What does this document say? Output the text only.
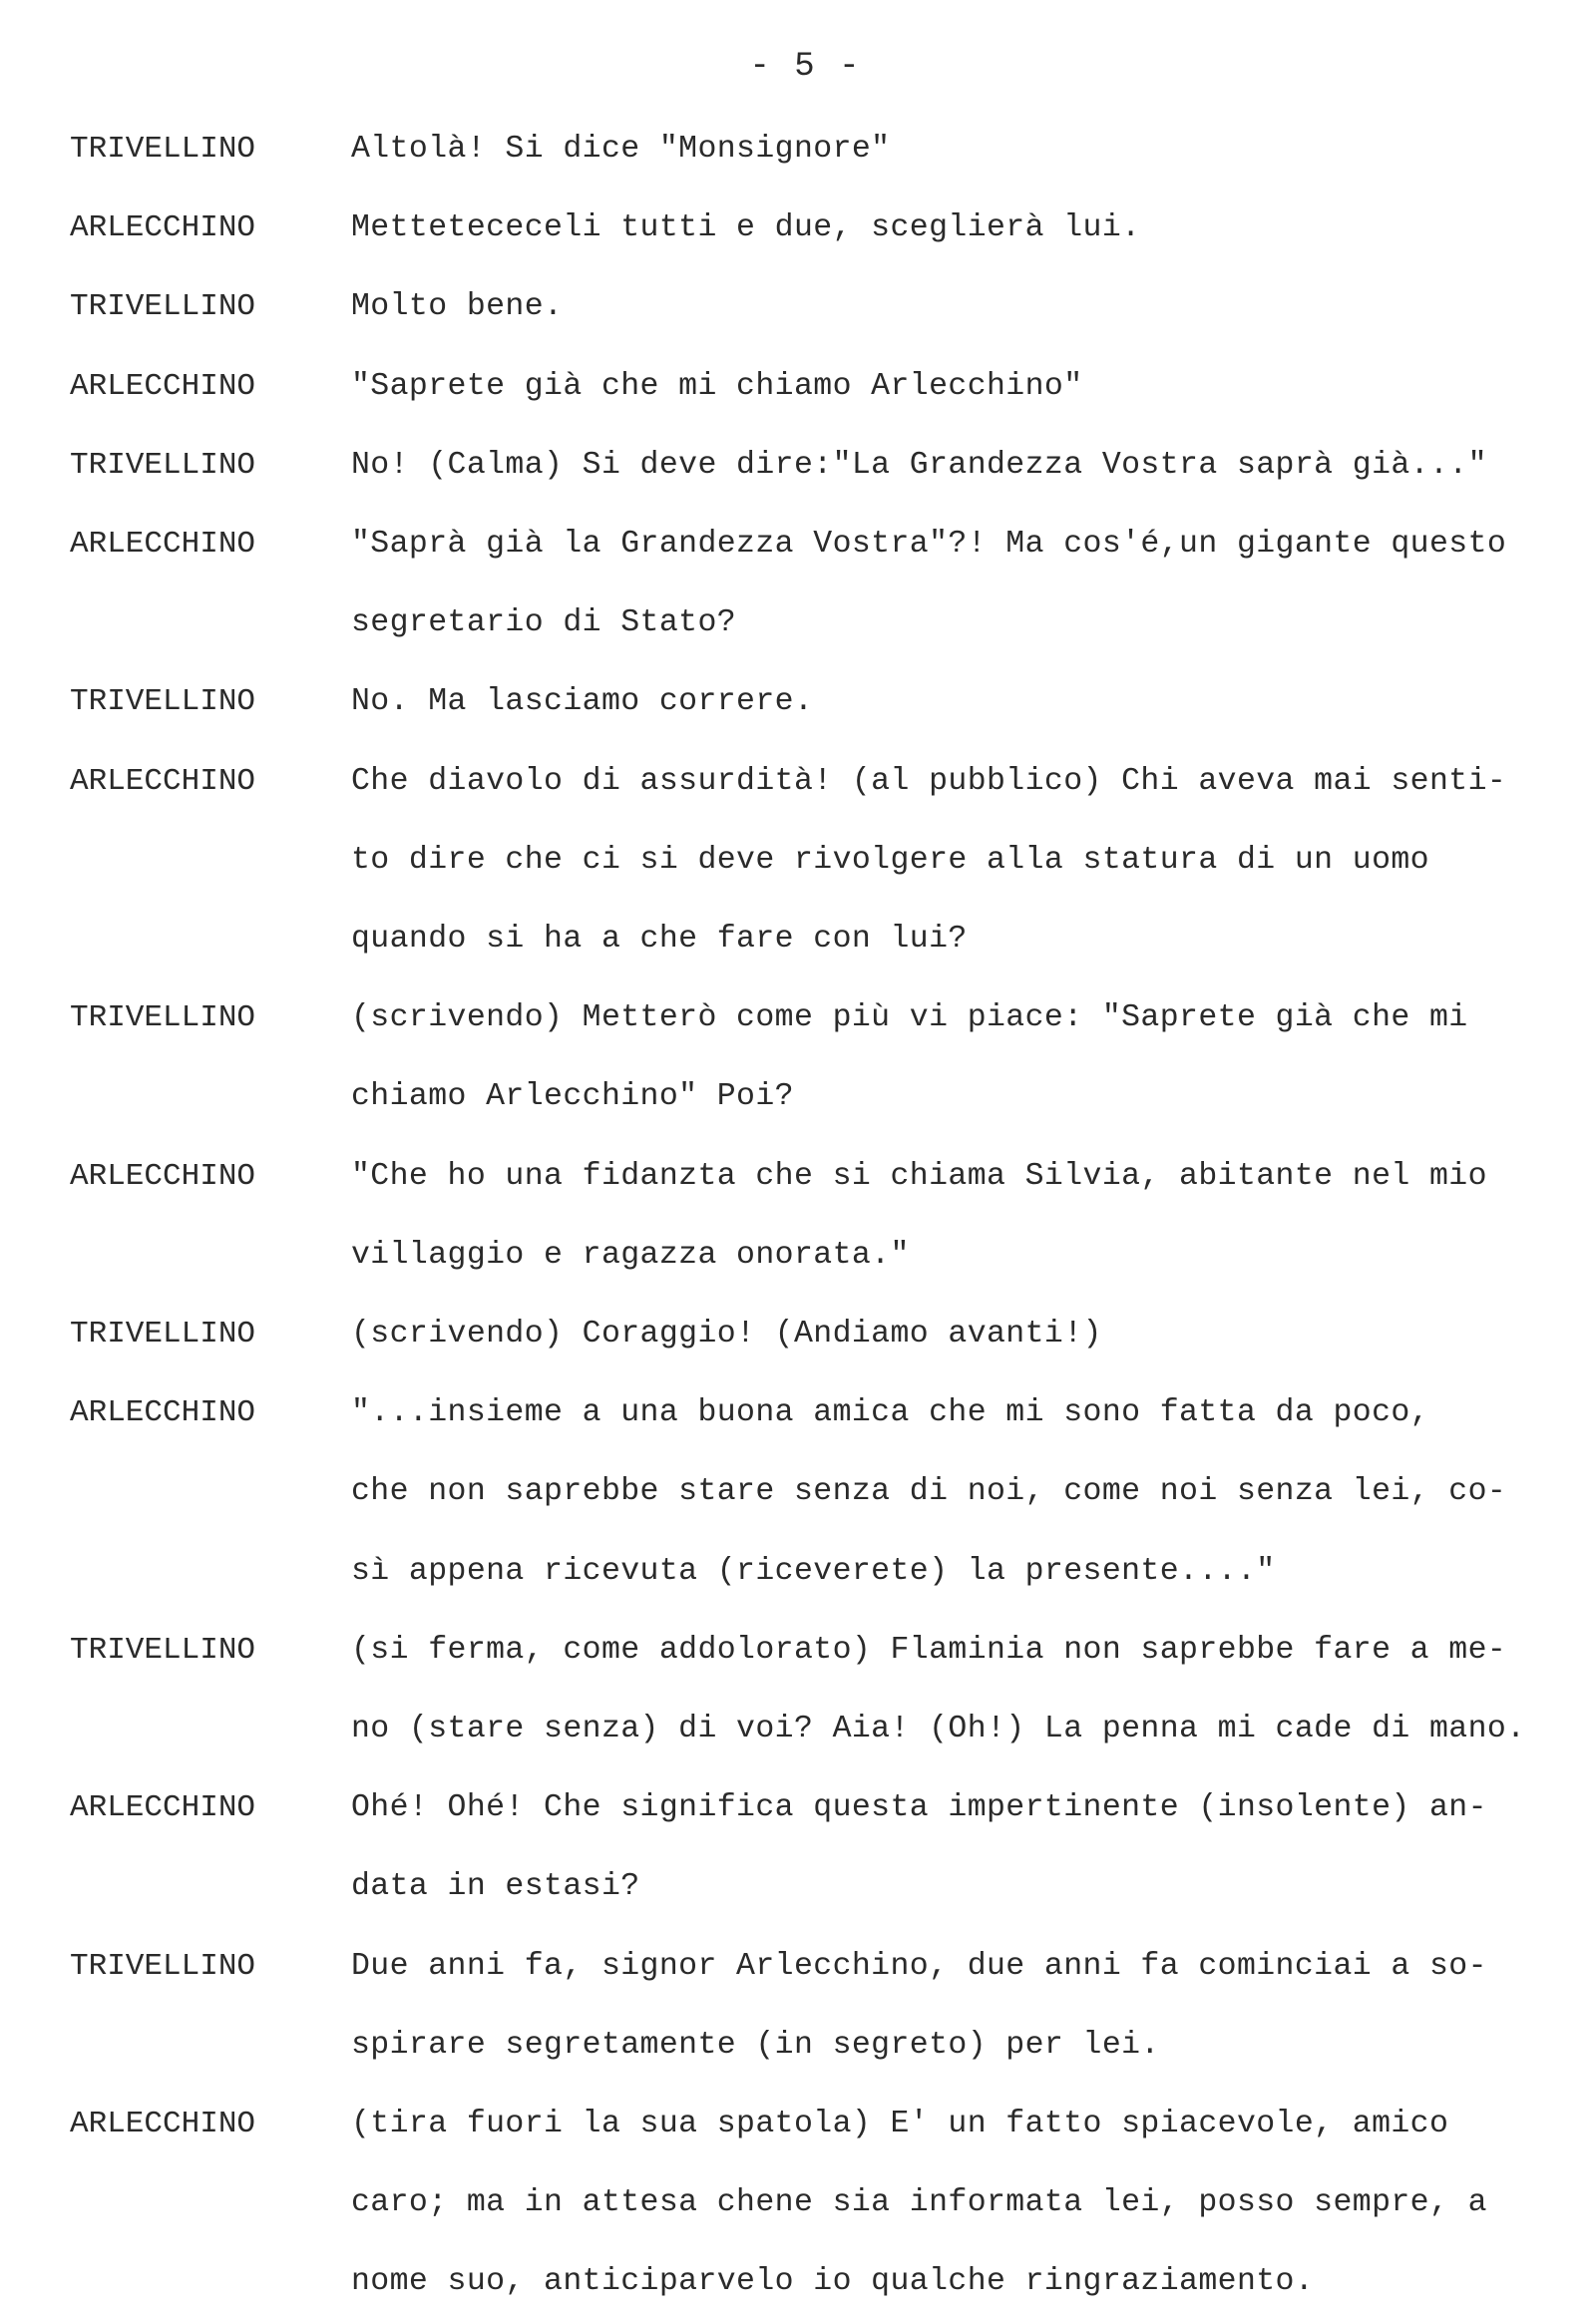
- 5 -
TRIVELLINO	Altolà! Si dice "Monsignore"
ARLECCHINO	Mettetececeli tutti e due, sceglierà lui.
TRIVELLINO	Molto bene.
ARLECCHINO	"Saprete già che mi chiamo Arlecchino"
TRIVELLINO	No! (Calma) Si deve dire:"La Grandezza Vostra saprà già..."
ARLECCHINO	"Saprà già la Grandezza Vostra"?! Ma cos'é,un gigante questo
segretario di Stato?
TRIVELLINO	No. Ma lasciamo correre.
ARLECCHINO	Che diavolo di assurdità! (al pubblico) Chi aveva mai senti-
to dire che ci si deve rivolgere alla statura di un uomo
quando si ha a che fare con lui?
TRIVELLINO	(scrivendo) Metterò come più vi piace: "Saprete già che mi
chiamo Arlecchino" Poi?
ARLECCHINO	"Che ho una fidanzta che si chiama Silvia, abitante nel mio
villaggio e ragazza onorata."
TRIVELLINO	(scrivendo) Coraggio! (Andiamo avanti!)
ARLECCHINO	"...insieme a una buona amica che mi sono fatta da poco,
che non saprebbe stare senza di noi, come noi senza lei, co-
sì appena ricevuta (riceverete) la presente...."
TRIVELLINO	(si ferma, come addolorato) Flaminia non saprebbe fare a me-
no (stare senza) di voi? Aia! (Oh!) La penna mi cade di mano.
ARLECCHINO	Ohé! Ohé! Che significa questa impertinente (insolente) an-
data in estasi?
TRIVELLINO	Due anni fa, signor Arlecchino, due anni fa cominciai a so-
spirare segretamente (in segreto) per lei.
ARLECCHINO	(tira fuori la sua spatola) E' un fatto spiacevole, amico
caro; ma in attesa chene sia informata lei, posso sempre, a
nome suo, anticiparvelo io qualche ringraziamento.
